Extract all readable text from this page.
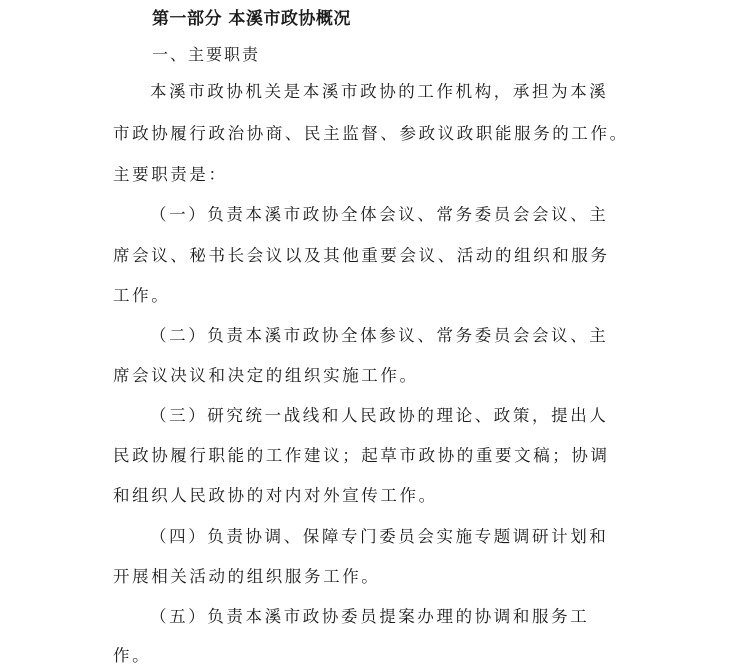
第一部分 本溪市政协概况
一、主要职责
本溪市政协机关是本溪市政协的工作机构，承担为本溪
市政协履行政治协商、民主监督、参政议政职能服务的工作。
主要职责是：
（一）负责本溪市政协全体会议、常务委员会会议、主
席会议、秘书长会议以及其他重要会议、活动的组织和服务
工作。
（二）负责本溪市政协全体参议、常务委员会会议、主
席会议决议和决定的组织实施工作。
（三）研究统一战线和人民政协的理论、政策，提出人
民政协履行职能的工作建议；起草市政协的重要文稿；协调
和组织人民政协的对内对外宣传工作。
（四）负责协调、保障专门委员会实施专题调研计划和
开展相关活动的组织服务工作。
（五）负责本溪市政协委员提案办理的协调和服务工
作。
